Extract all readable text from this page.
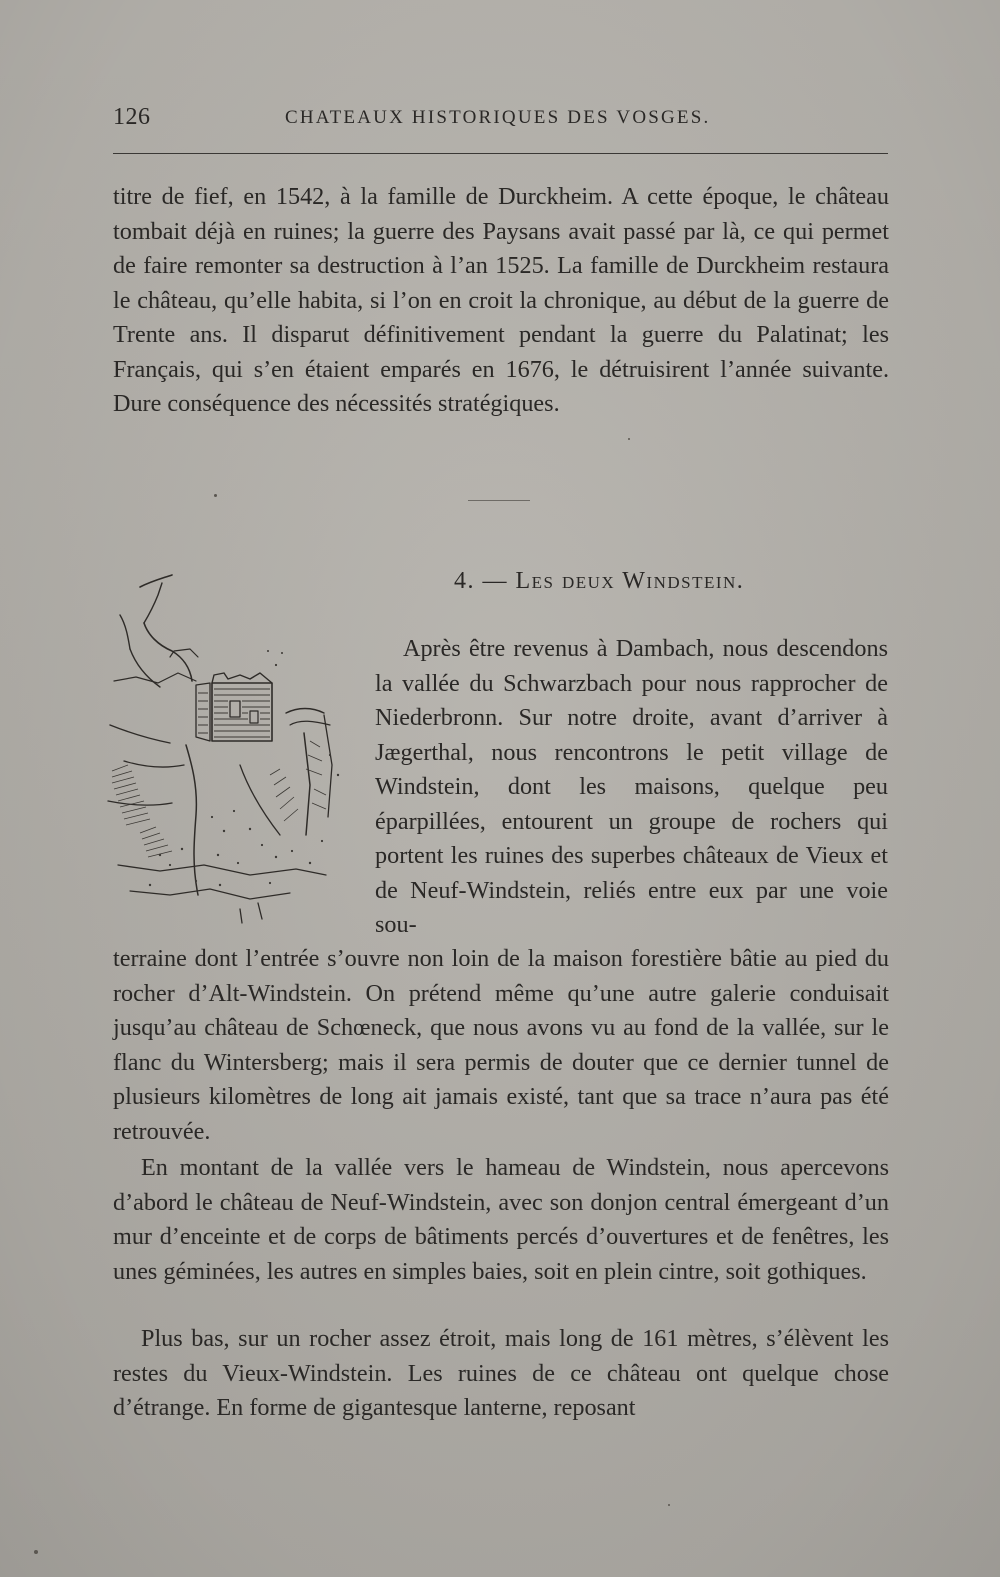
126	CHATEAUX HISTORIQUES DES VOSGES.

titre de fief, en 1542, à la famille de Durckheim. A cette époque, le château tombait déjà en ruines; la guerre des Paysans avait passé par là, ce qui permet de faire remonter sa destruction à l’an 1525. La famille de Durckheim restaura le château, qu’elle habita, si l’on en croit la chronique, au début de la guerre de Trente ans. Il disparut définitivement pendant la guerre du Palatinat; les Français, qui s’en étaient emparés en 1676, le détruisirent l’année suivante. Dure conséquence des nécessités stratégiques.

4. — Les deux Windstein.

Après être revenus à Dambach, nous descendons la vallée du Schwarzbach pour nous rapprocher de Niederbronn. Sur notre droite, avant d’arriver à Jægerthal, nous rencontrons le petit village de Windstein, dont les maisons, quelque peu éparpillées, entourent un groupe de rochers qui portent les ruines des superbes châteaux de Vieux et de Neuf-Windstein, reliés entre eux par une voie sou-

terraine dont l’entrée s’ouvre non loin de la maison forestière bâtie au pied du rocher d’Alt-Windstein. On prétend même qu’une autre galerie conduisait jusqu’au château de Schœneck, que nous avons vu au fond de la vallée, sur le flanc du Wintersberg; mais il sera permis de douter que ce dernier tunnel de plusieurs kilomètres de long ait jamais existé, tant que sa trace n’aura pas été retrouvée.

En montant de la vallée vers le hameau de Windstein, nous apercevons d’abord le château de Neuf-Windstein, avec son donjon central émergeant d’un mur d’enceinte et de corps de bâtiments percés d’ouvertures et de fenêtres, les unes géminées, les autres en simples baies, soit en plein cintre, soit gothiques.

Plus bas, sur un rocher assez étroit, mais long de 161 mètres, s’élèvent les restes du Vieux-Windstein. Les ruines de ce château ont quelque chose d’étrange. En forme de gigantesque lanterne, reposant
